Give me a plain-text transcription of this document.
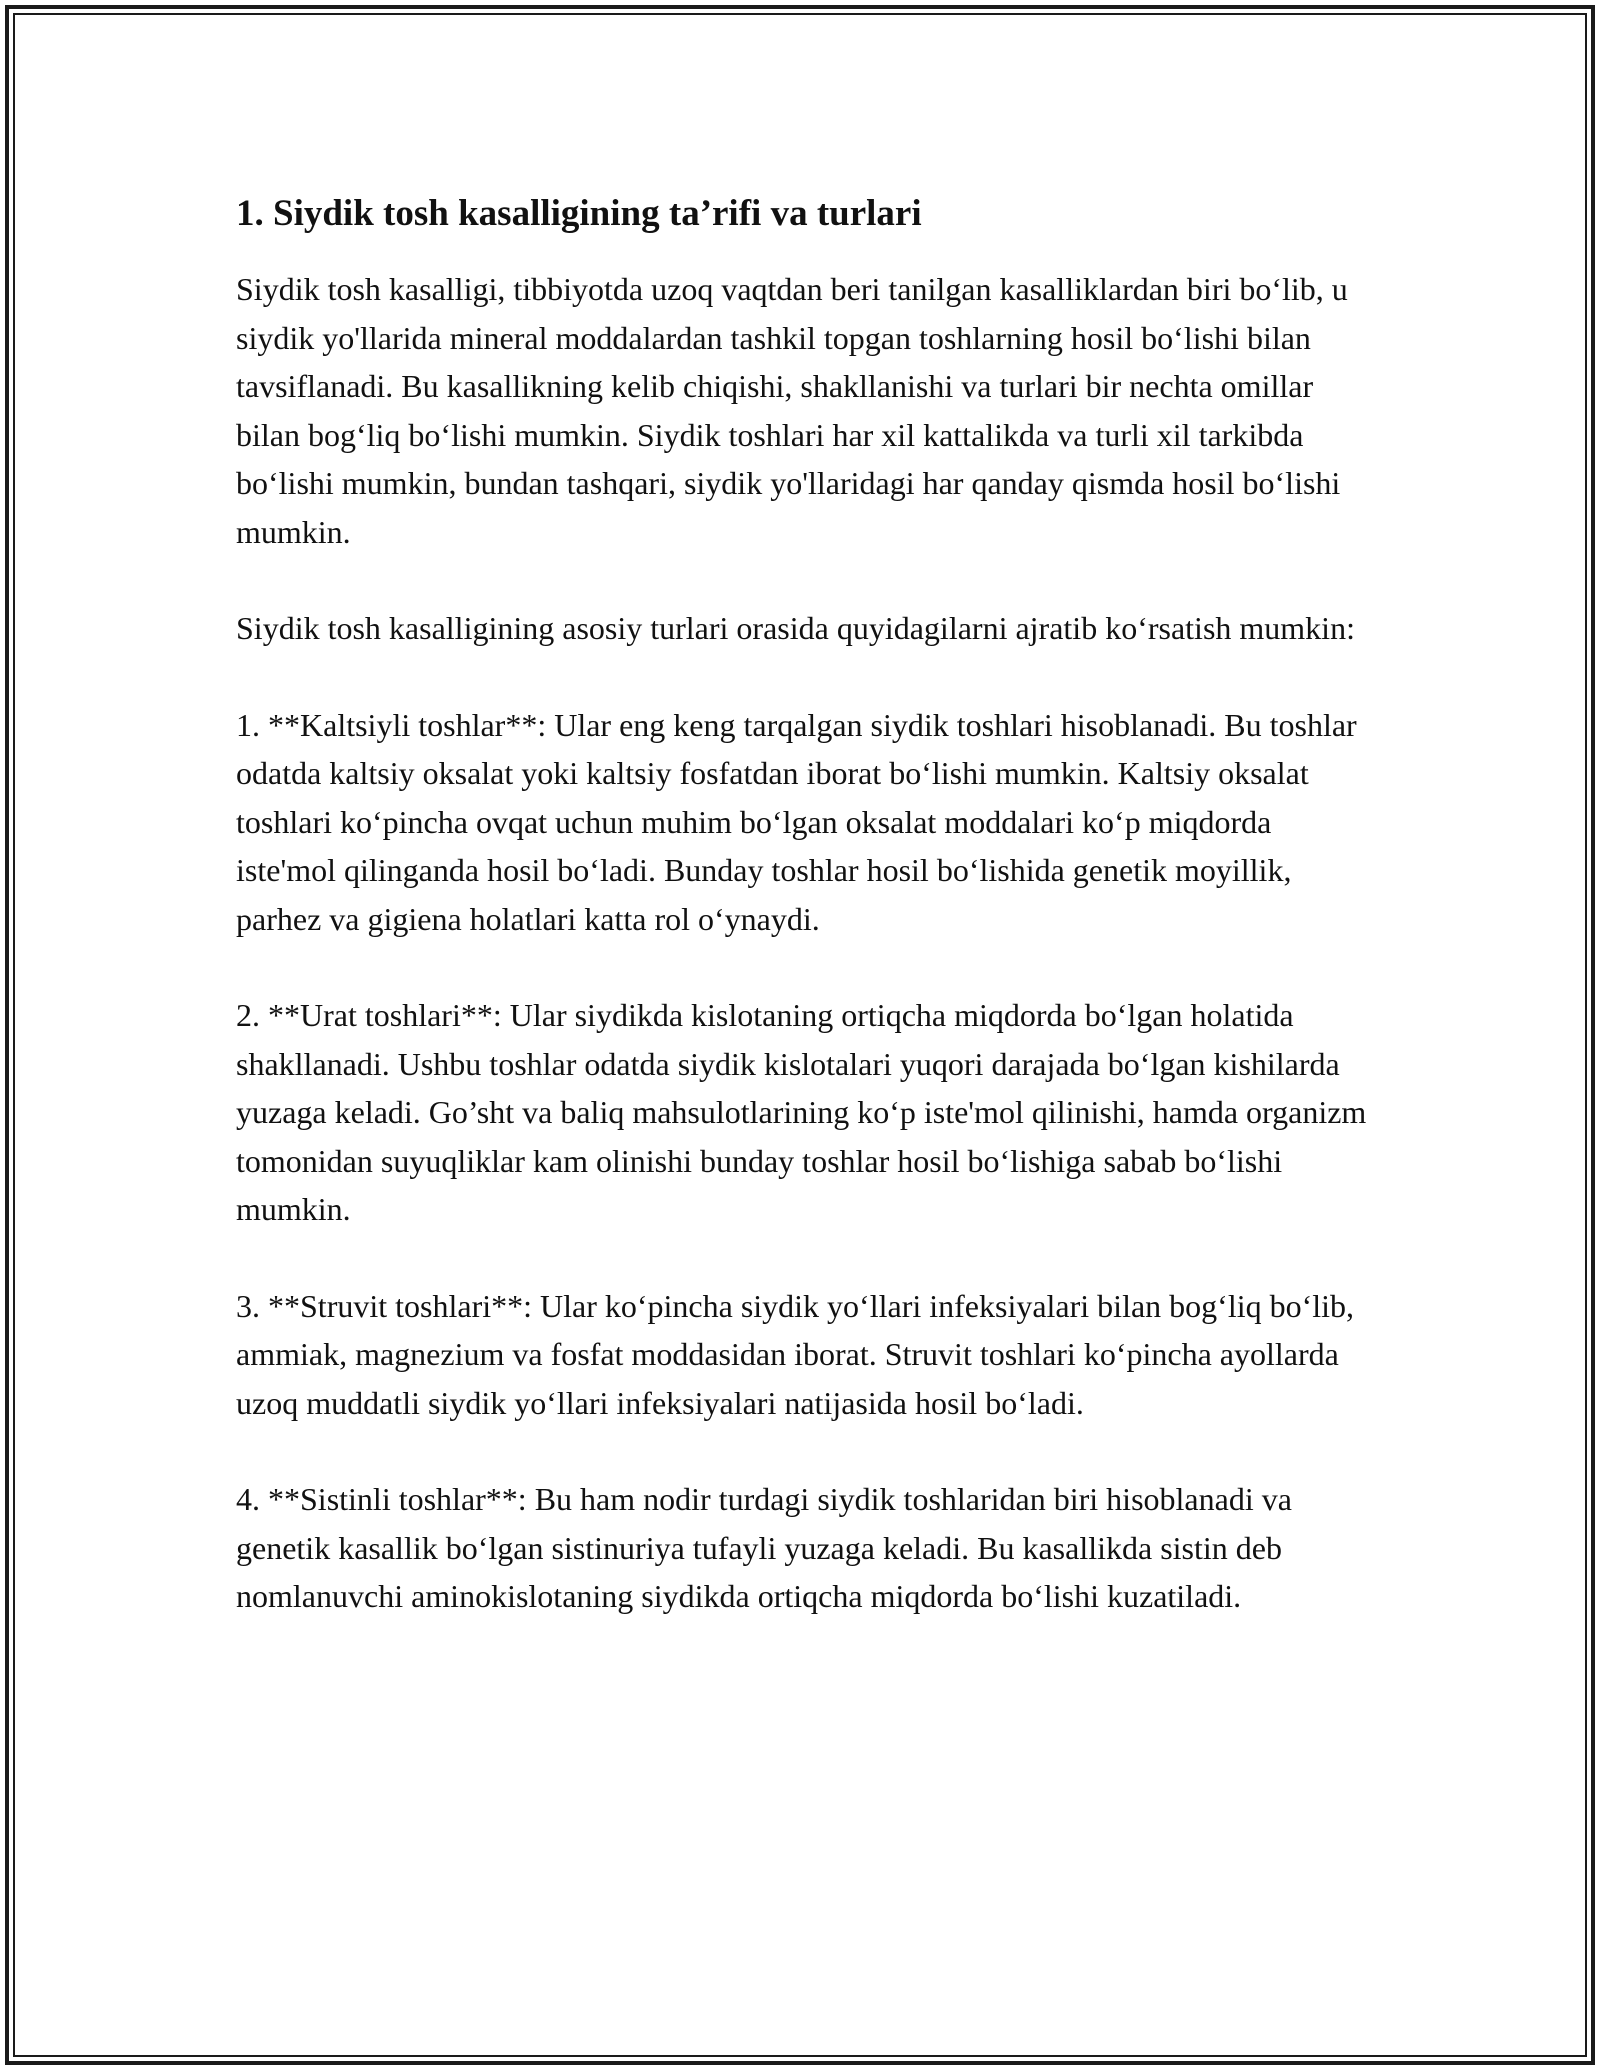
1. Siydik tosh kasalligining ta’rifi va turlari

Siydik tosh kasalligi, tibbiyotda uzoq vaqtdan beri tanilgan kasalliklardan biri bo‘lib, u siydik yo'llarida mineral moddalardan tashkil topgan toshlarning hosil bo‘lishi bilan tavsiflanadi. Bu kasallikning kelib chiqishi, shakllanishi va turlari bir nechta omillar bilan bog‘liq bo‘lishi mumkin. Siydik toshlari har xil kattalikda va turli xil tarkibda bo‘lishi mumkin, bundan tashqari, siydik yo'llaridagi har qanday qismda hosil bo‘lishi mumkin.

Siydik tosh kasalligining asosiy turlari orasida quyidagilarni ajratib ko‘rsatish mumkin:

1. **Kaltsiyli toshlar**: Ular eng keng tarqalgan siydik toshlari hisoblanadi. Bu toshlar odatda kaltsiy oksalat yoki kaltsiy fosfatdan iborat bo‘lishi mumkin. Kaltsiy oksalat toshlari ko‘pincha ovqat uchun muhim bo‘lgan oksalat moddalari ko‘p miqdorda iste'mol qilinganda hosil bo‘ladi. Bunday toshlar hosil bo‘lishida genetik moyillik, parhez va gigiena holatlari katta rol o‘ynaydi.

2. **Urat toshlari**: Ular siydikda kislotaning ortiqcha miqdorda bo‘lgan holatida shakllanadi. Ushbu toshlar odatda siydik kislotalari yuqori darajada bo‘lgan kishilarda yuzaga keladi. Go’sht va baliq mahsulotlarining ko‘p iste'mol qilinishi, hamda organizm tomonidan suyuqliklar kam olinishi bunday toshlar hosil bo‘lishiga sabab bo‘lishi mumkin.

3. **Struvit toshlari**: Ular ko‘pincha siydik yo‘llari infeksiyalari bilan bog‘liq bo‘lib, ammiak, magnezium va fosfat moddasidan iborat. Struvit toshlari ko‘pincha ayollarda uzoq muddatli siydik yo‘llari infeksiyalari natijasida hosil bo‘ladi.

4. **Sistinli toshlar**: Bu ham nodir turdagi siydik toshlaridan biri hisoblanadi va genetik kasallik bo‘lgan sistinuriya tufayli yuzaga keladi. Bu kasallikda sistin deb nomlanuvchi aminokislotaning siydikda ortiqcha miqdorda bo‘lishi kuzatiladi.
